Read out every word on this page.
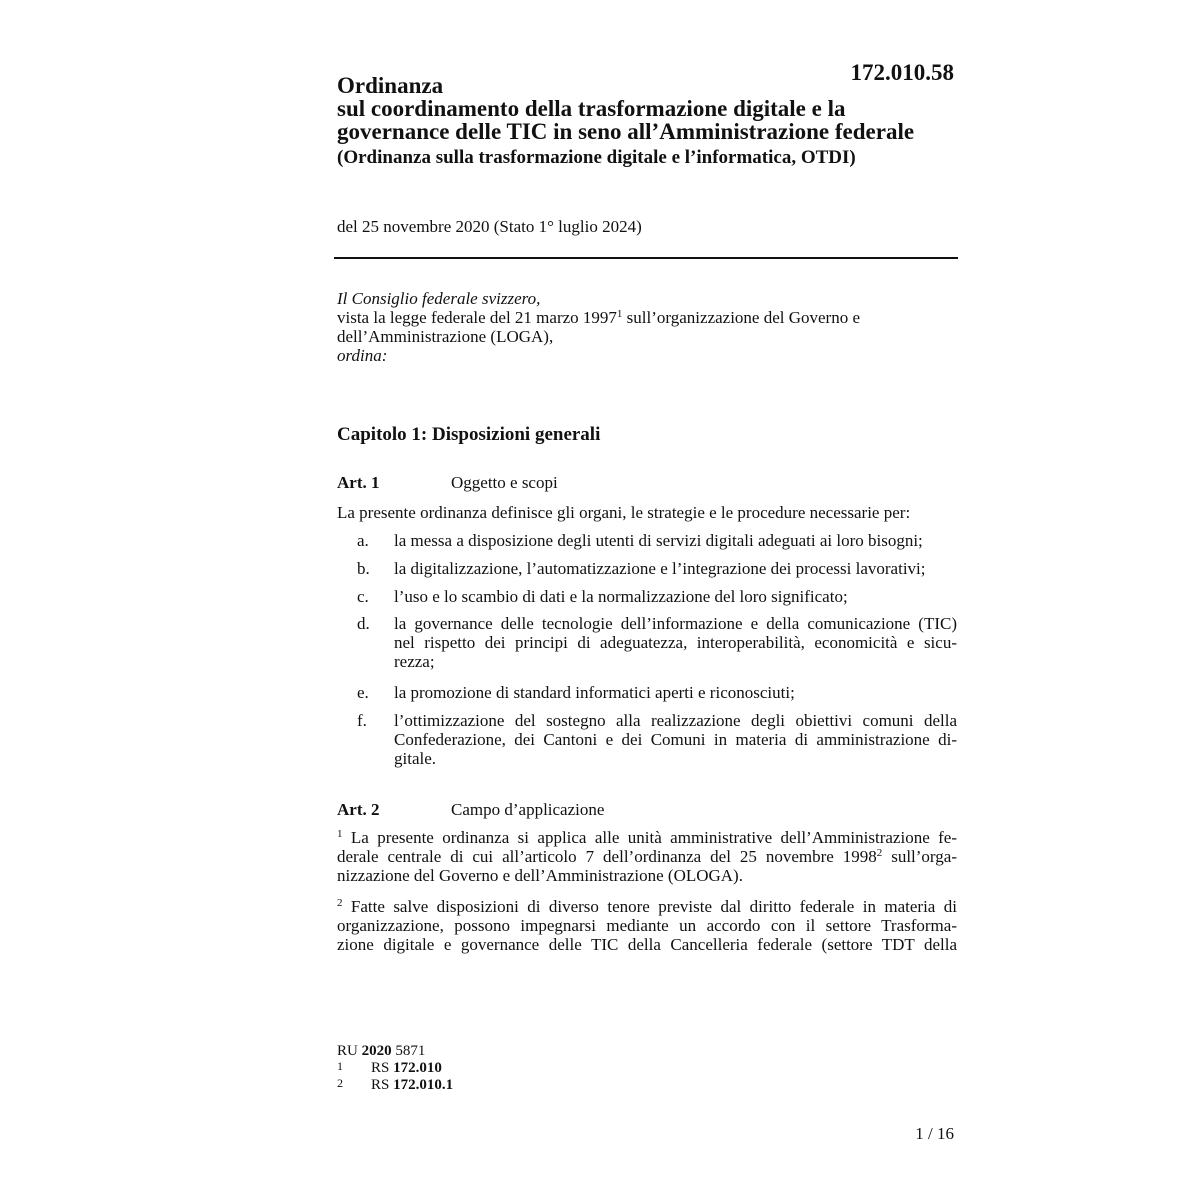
172.010.58
Ordinanza
sul coordinamento della trasformazione digitale e la
governance delle TIC in seno all’Amministrazione federale
(Ordinanza sulla trasformazione digitale e l’informatica, OTDI)
del 25 novembre 2020 (Stato 1° luglio 2024)

Il Consiglio federale svizzero,

vista la legge federale del 21 marzo 1997$^1$ sull’organizzazione del Governo e

dell’Amministrazione (LOGA),

ordina:

Capitolo 1: Disposizioni generali
Art. 1	Oggetto e scopi
La presente ordinanza definisce gli organi, le strategie e le procedure necessarie per:
a. la messa a disposizione degli utenti di servizi digitali adeguati ai loro bisogni;
b. la digitalizzazione, l’automatizzazione e l’integrazione dei processi lavorativi;
c. l’uso e lo scambio di dati e la normalizzazione del loro significato;
d. la governance delle tecnologie dell’informazione e della comunicazione (TIC)
nel rispetto dei principi di adeguatezza, interoperabilità, economicità e sicu-
rezza;
e. la promozione di standard informatici aperti e riconosciuti;
f. l’ottimizzazione del sostegno alla realizzazione degli obiettivi comuni della
Confederazione, dei Cantoni e dei Comuni in materia di amministrazione di-
gitale.
Art. 2	Campo d’applicazione
$^1$ La presente ordinanza si applica alle unità amministrative dell’Amministrazione fe-
derale centrale di cui all’articolo 7 dell’ordinanza del 25 novembre 1998$^2$ sull’orga-
nizzazione del Governo e dell’Amministrazione (OLOGA).
$^2$ Fatte salve disposizioni di diverso tenore previste dal diritto federale in materia di
organizzazione, possono impegnarsi mediante un accordo con il settore Trasforma-
zione digitale e governance delle TIC della Cancelleria federale (settore TDT della
RU 2020 5871
1 RS 172.010
2 RS 172.010.1
1 / 16
